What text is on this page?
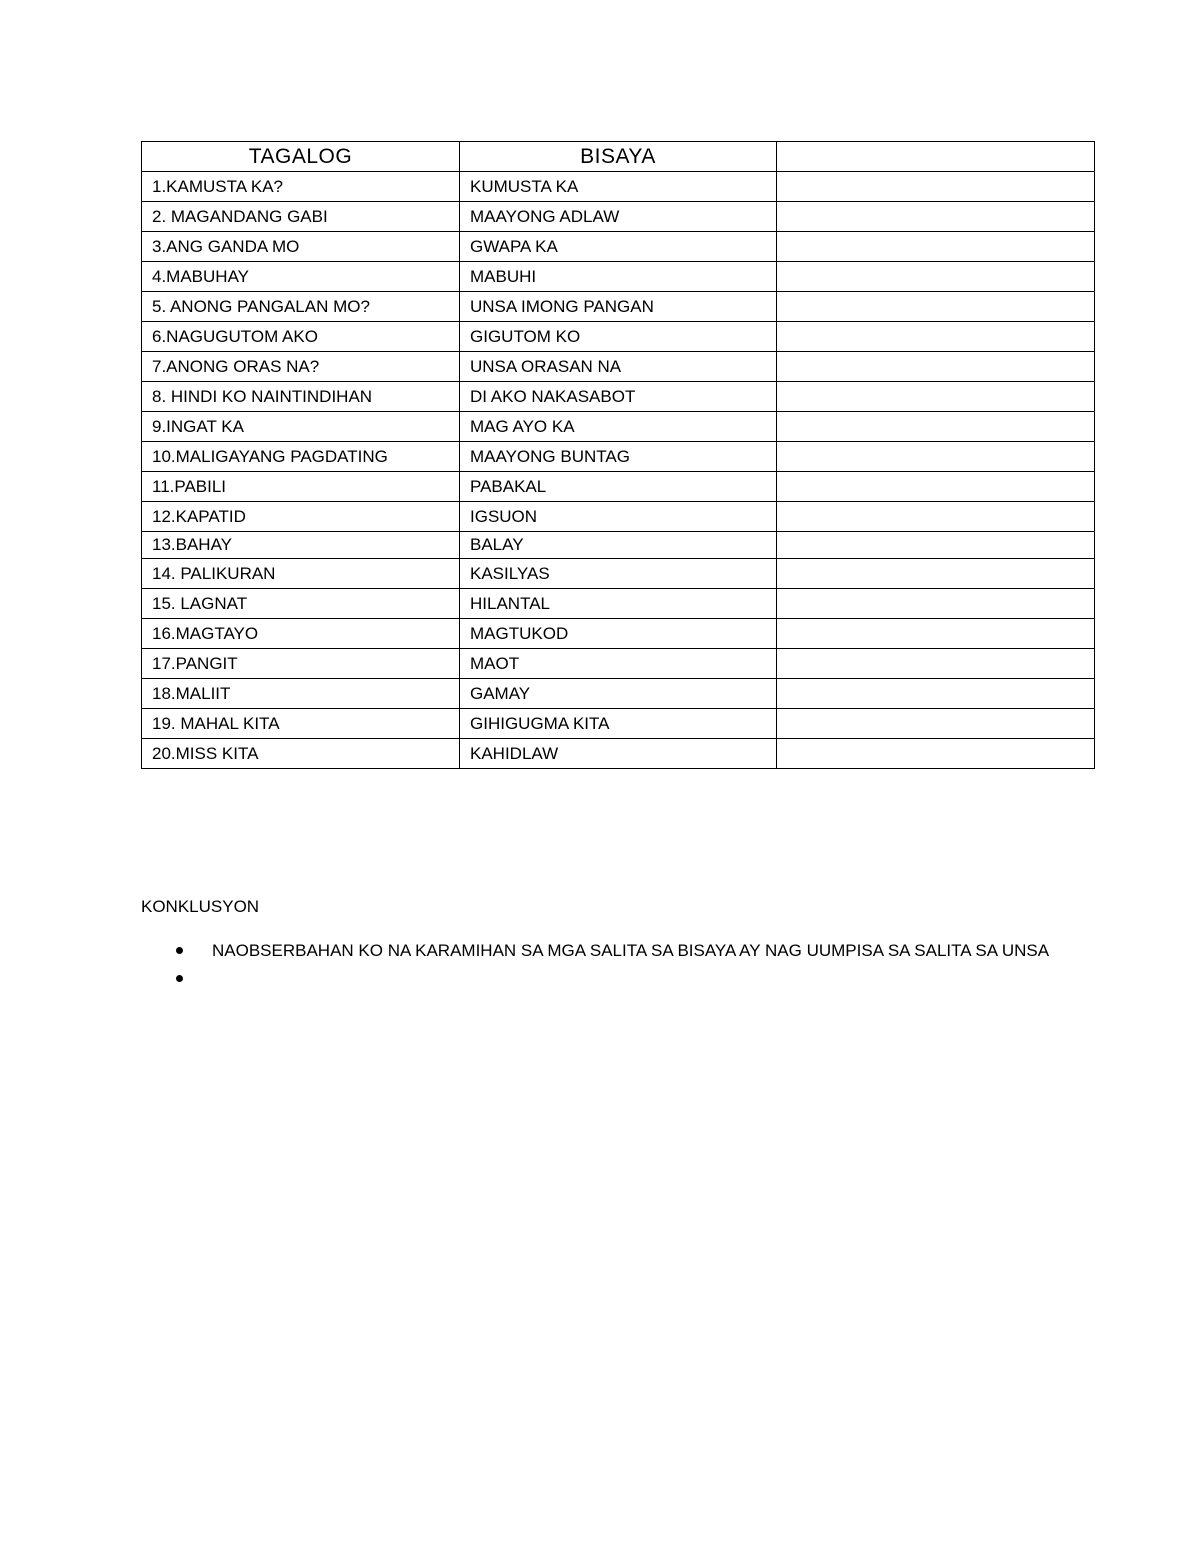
TAGALOG	BISAYA	
1.KAMUSTA KA?	KUMUSTA KA	
2. MAGANDANG GABI	MAAYONG ADLAW	
3.ANG GANDA MO	GWAPA KA	
4.MABUHAY	MABUHI	
5. ANONG PANGALAN MO?	UNSA IMONG PANGAN	
6.NAGUGUTOM AKO	GIGUTOM KO	
7.ANONG ORAS NA?	UNSA ORASAN NA	
8. HINDI KO NAINTINDIHAN	DI AKO NAKASABOT	
9.INGAT KA	MAG AYO KA	
10.MALIGAYANG PAGDATING	MAAYONG BUNTAG	
11.PABILI	PABAKAL	
12.KAPATID	IGSUON	
13.BAHAY	BALAY	
14. PALIKURAN	KASILYAS	
15. LAGNAT	HILANTAL	
16.MAGTAYO	MAGTUKOD	
17.PANGIT	MAOT	
18.MALIIT	GAMAY	
19. MAHAL KITA	GIHIGUGMA KITA	
20.MISS KITA	KAHIDLAW	
KONKLUSYON
NAOBSERBAHAN KO NA KARAMIHAN SA MGA SALITA SA BISAYA AY NAG UUMPISA SA SALITA SA UNSA
